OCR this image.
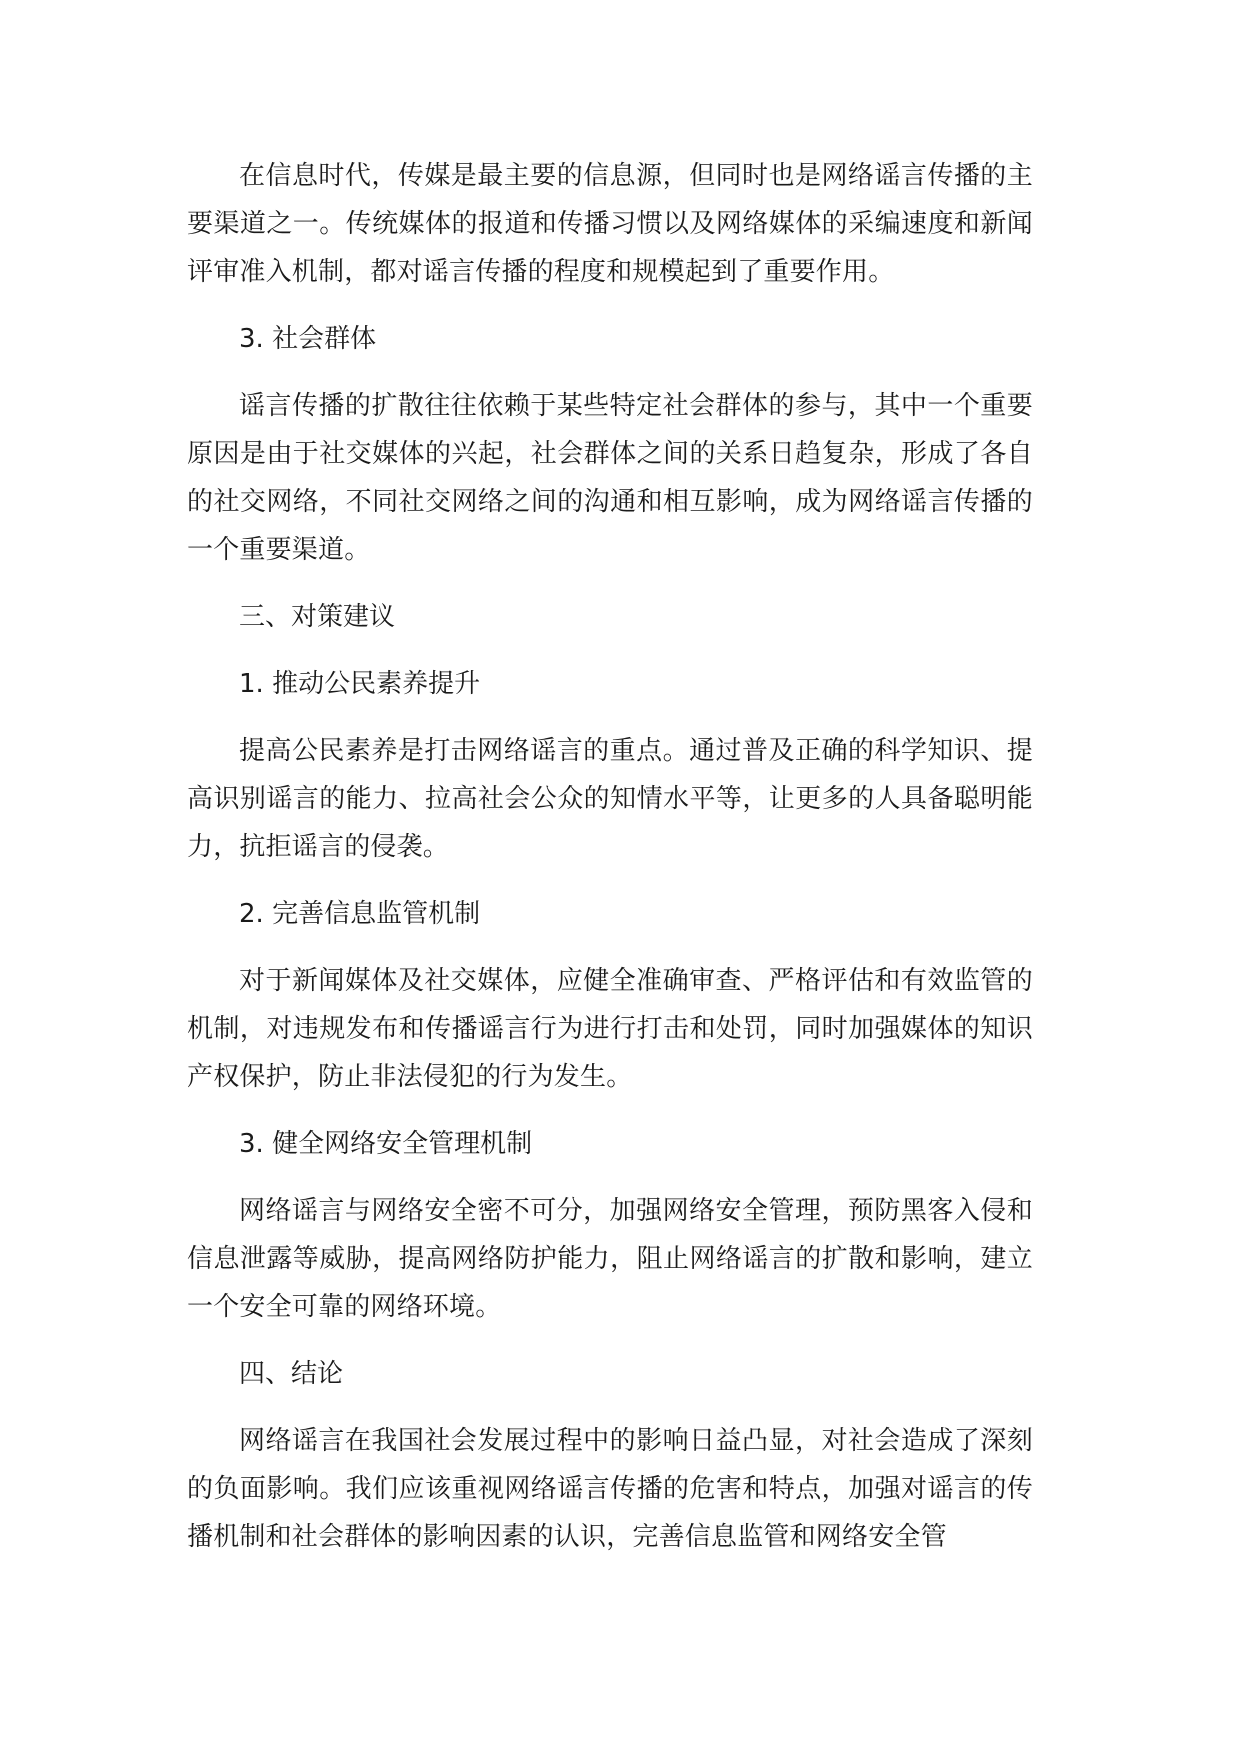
在信息时代，传媒是最主要的信息源，但同时也是网络谣言传播的主要渠道之一。传统媒体的报道和传播习惯以及网络媒体的采编速度和新闻评审准入机制，都对谣言传播的程度和规模起到了重要作用。

3. 社会群体

谣言传播的扩散往往依赖于某些特定社会群体的参与，其中一个重要原因是由于社交媒体的兴起，社会群体之间的关系日趋复杂，形成了各自的社交网络，不同社交网络之间的沟通和相互影响，成为网络谣言传播的一个重要渠道。

三、对策建议

1. 推动公民素养提升

提高公民素养是打击网络谣言的重点。通过普及正确的科学知识、提高识别谣言的能力、拉高社会公众的知情水平等，让更多的人具备聪明能力，抗拒谣言的侵袭。

2. 完善信息监管机制

对于新闻媒体及社交媒体，应健全准确审查、严格评估和有效监管的机制，对违规发布和传播谣言行为进行打击和处罚，同时加强媒体的知识产权保护，防止非法侵犯的行为发生。

3. 健全网络安全管理机制

网络谣言与网络安全密不可分，加强网络安全管理，预防黑客入侵和信息泄露等威胁，提高网络防护能力，阻止网络谣言的扩散和影响，建立一个安全可靠的网络环境。

四、结论

网络谣言在我国社会发展过程中的影响日益凸显，对社会造成了深刻的负面影响。我们应该重视网络谣言传播的危害和特点，加强对谣言的传播机制和社会群体的影响因素的认识，完善信息监管和网络安全管
